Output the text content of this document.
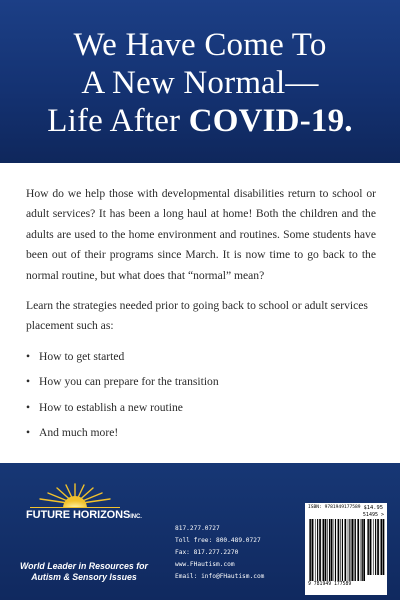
We Have Come To
A New Normal—
Life After COVID-19.

How do we help those with developmental disabilities return to school or adult services? It has been a long haul at home! Both the children and the adults are used to the home environment and routines. Some students have been out of their programs since March. It is now time to go back to the normal routine, but what does that “normal” mean?

Learn the strategies needed prior to going back to school or adult services placement such as:

• How to get started
• How you can prepare for the transition
• How to establish a new routine
• And much more!
FUTURE HORIZONSINC.
World Leader in Resources for
Autism & Sensory Issues
817.277.0727
Toll free: 800.489.0727
Fax: 817.277.2270
www.FHautism.com
Email: info@FHautism.com
ISBN: 9781949177589 $14.95
51495 >
9 781949 177589
